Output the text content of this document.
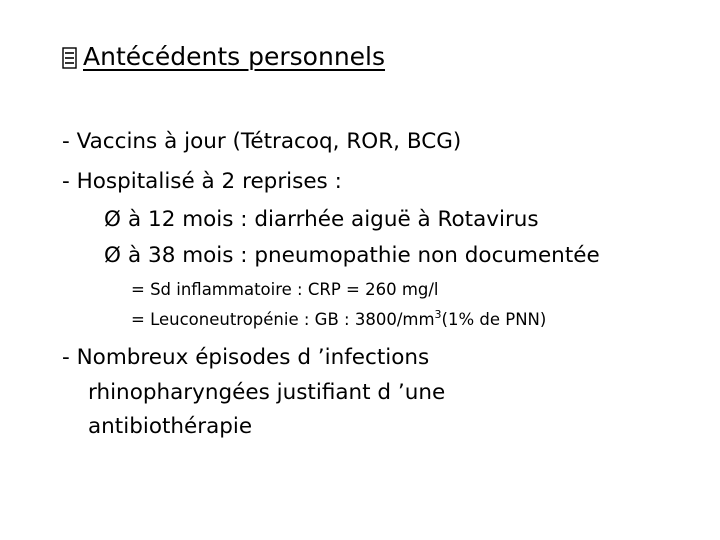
Antécédents personnels
- Vaccins à jour (Tétracoq, ROR, BCG)
- Hospitalisé à 2 reprises :
Ø à 12 mois : diarrhée aiguë à Rotavirus
Ø à 38 mois : pneumopathie non documentée
= Sd inflammatoire : CRP = 260 mg/l
= Leuconeutropénie : GB : $3800/mm^3(1\%$ de PNN)
- Nombreux épisodes d ’infections
rhinopharyngées justifiant d ’une
antibiothérapie
